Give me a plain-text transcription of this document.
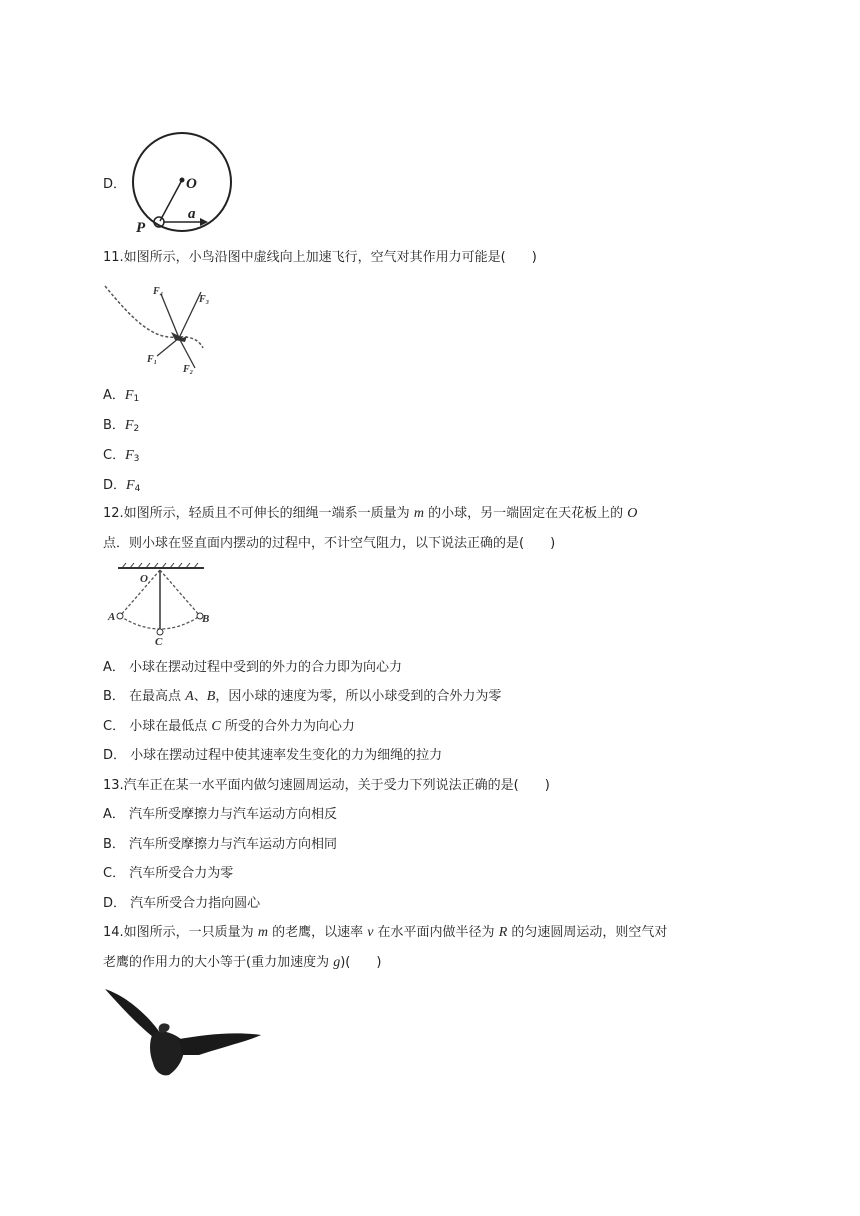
D．	O
P
a
11.如图所示，小鸟沿图中虚线向上加速飞行，空气对其作用力可能是(　　)
F₄
F₃
F₁
F₂
A．$F_1$
B．$F_2$
C．$F_3$
D．$F_4$
12.如图所示，轻质且不可伸长的细绳一端系一质量为 m 的小球，另一端固定在天花板上的 O
点．则小球在竖直面内摆动的过程中，不计空气阻力，以下说法正确的是(　　)
O
A	B
C
A． 小球在摆动过程中受到的外力的合力即为向心力
B． 在最高点 A、B，因小球的速度为零，所以小球受到的合外力为零
C． 小球在最低点 C 所受的合外力为向心力
D． 小球在摆动过程中使其速率发生变化的力为细绳的拉力
13.汽车正在某一水平面内做匀速圆周运动，关于受力下列说法正确的是(　　)
A． 汽车所受摩擦力与汽车运动方向相反
B． 汽车所受摩擦力与汽车运动方向相同
C． 汽车所受合力为零
D． 汽车所受合力指向圆心
14.如图所示，一只质量为 m 的老鹰，以速率 v 在水平面内做半径为 R 的匀速圆周运动，则空气对
老鹰的作用力的大小等于(重力加速度为 g)(　　)
